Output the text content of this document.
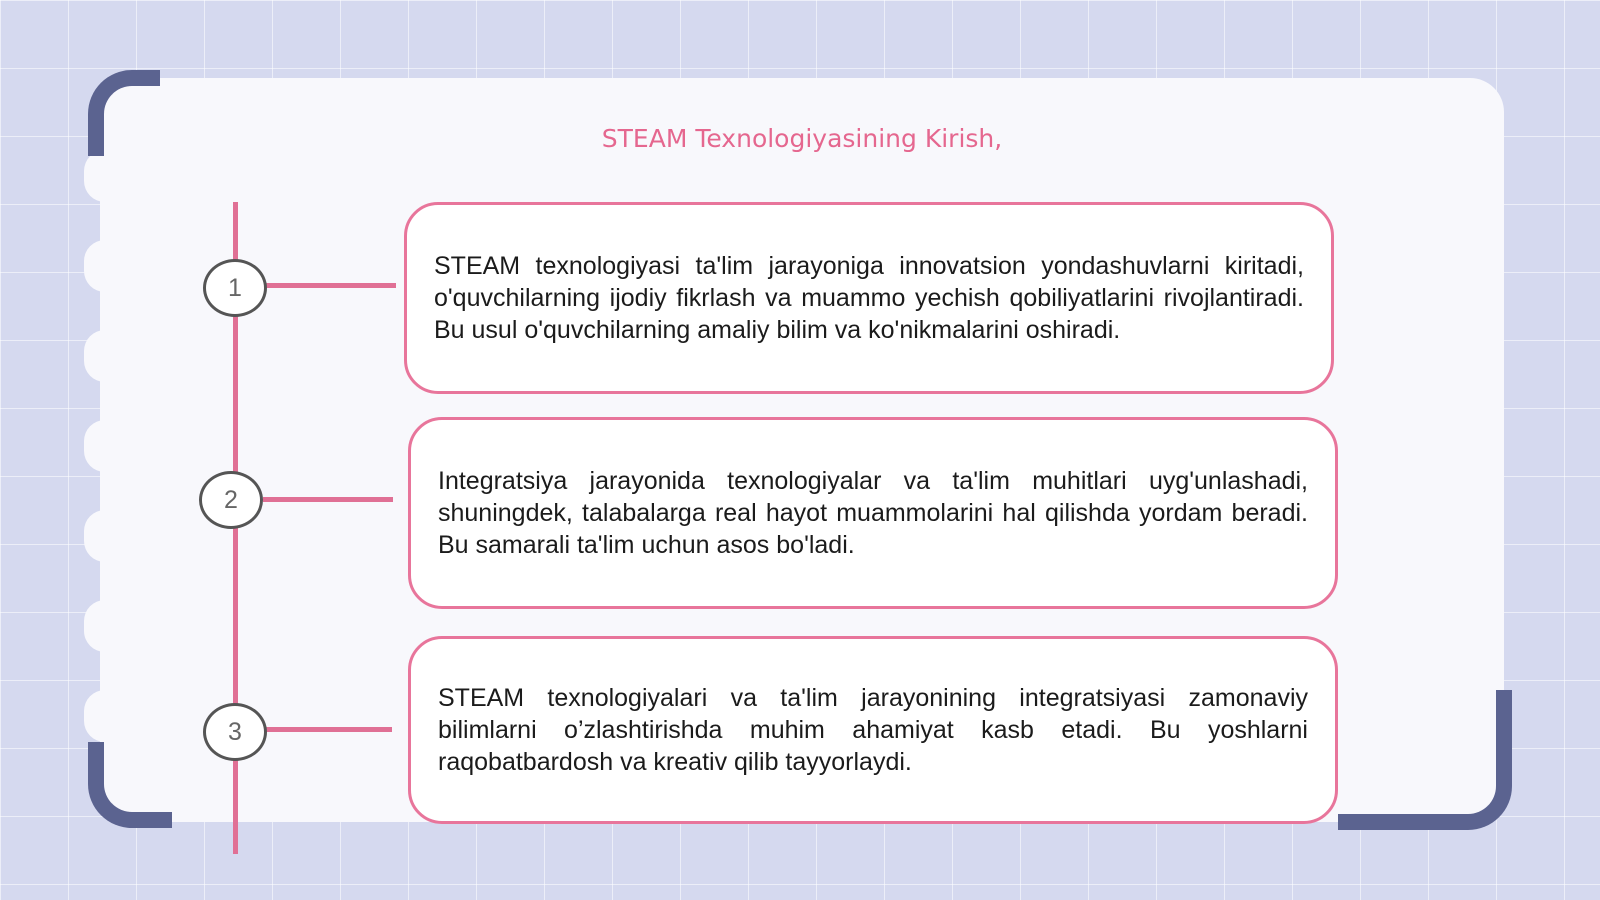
STEAM Texnologiyasining Kirish,
1

STEAM texnologiyasi ta'lim jarayoniga innovatsion yondashuvlarni kiritadi, o'quvchilarning ijodiy fikrlash va muammo yechish qobiliyatlarini rivojlantiradi. Bu usul o'quvchilarning amaliy bilim va ko'nikmalarini oshiradi.

2

Integratsiya jarayonida texnologiyalar va ta'lim muhitlari uyg'unlashadi, shuningdek, talabalarga real hayot muammolarini hal qilishda yordam beradi. Bu samarali ta'lim uchun asos bo'ladi.

3

STEAM texnologiyalari va ta'lim jarayonining integratsiyasi zamonaviy bilimlarni o’zlashtirishda muhim ahamiyat kasb etadi. Bu yoshlarni raqobatbardosh va kreativ qilib tayyorlaydi.
